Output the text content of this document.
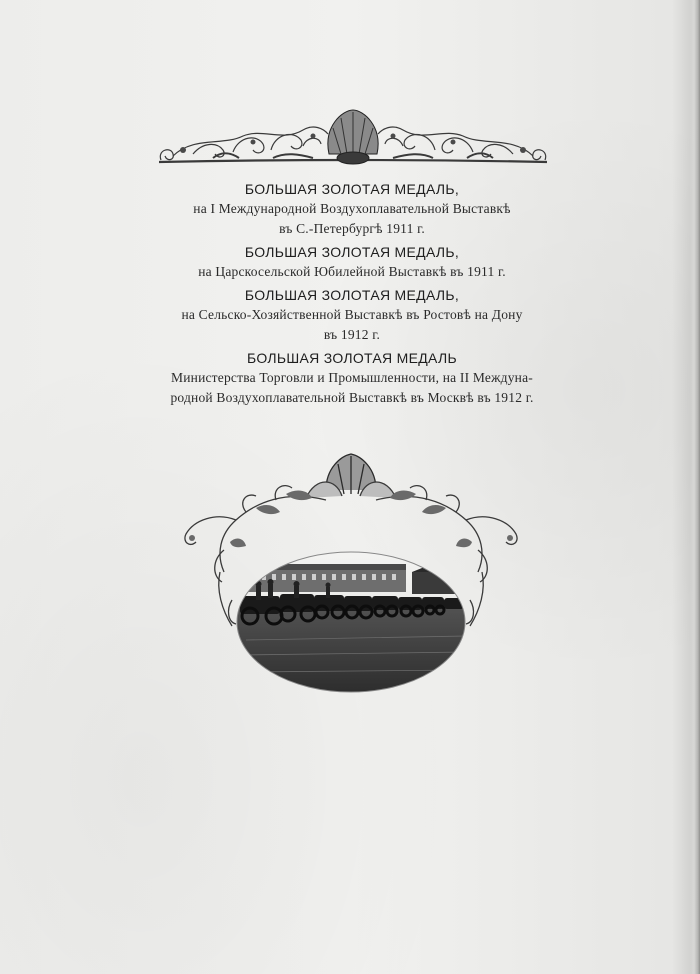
БОЛЬШАЯ ЗОЛОТАЯ МЕДАЛЬ,
на I Международной Воздухоплавательной Выставкѣ
въ С.-Петербургѣ 1911 г.
БОЛЬШАЯ ЗОЛОТАЯ МЕДАЛЬ,
на Царскосельской Юбилейной Выставкѣ въ 1911 г.
БОЛЬШАЯ ЗОЛОТАЯ МЕДАЛЬ,
на Сельско-Хозяйственной Выставкѣ въ Ростовѣ на Дону
въ 1912 г.
БОЛЬШАЯ ЗОЛОТАЯ МЕДАЛЬ
Министерства Торговли и Промышленности, на II Междуна-
родной Воздухоплавательной Выставкѣ въ Москвѣ въ 1912 г.
